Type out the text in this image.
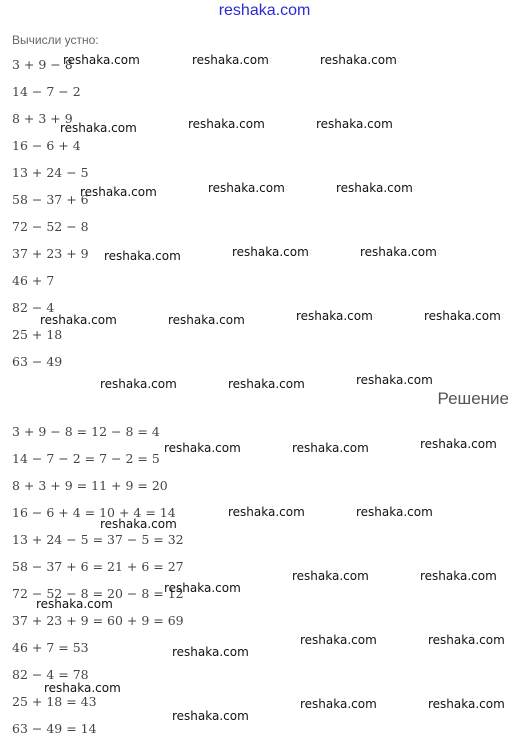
reshaka.com
Вычисли устно:
3 + 9 − 8
14 − 7 − 2
8 + 3 + 9
16 − 6 + 4
13 + 24 − 5
58 − 37 + 6
72 − 52 − 8
37 + 23 + 9
46 + 7
82 − 4
25 + 18
63 − 49
Решение
3 + 9 − 8 = 12 − 8 = 4
14 − 7 − 2 = 7 − 2 = 5
8 + 3 + 9 = 11 + 9 = 20
16 − 6 + 4 = 10 + 4 = 14
13 + 24 − 5 = 37 − 5 = 32
58 − 37 + 6 = 21 + 6 = 27
72 − 52 − 8 = 20 − 8 = 12
37 + 23 + 9 = 60 + 9 = 69
46 + 7 = 53
82 − 4 = 78
25 + 18 = 43
63 − 49 = 14
reshaka.com	reshaka.com	reshaka.com
reshaka.com	reshaka.com	reshaka.com
reshaka.com	reshaka.com	reshaka.com
reshaka.com	reshaka.com	reshaka.com
reshaka.com	reshaka.com	reshaka.com	reshaka.com
reshaka.com	reshaka.com	reshaka.com
reshaka.com	reshaka.com	reshaka.com
reshaka.com
reshaka.com	reshaka.com
reshaka.com
reshaka.com	reshaka.com
reshaka.com
reshaka.com	reshaka.com
reshaka.com
reshaka.com
reshaka.com	reshaka.com
reshaka.com
